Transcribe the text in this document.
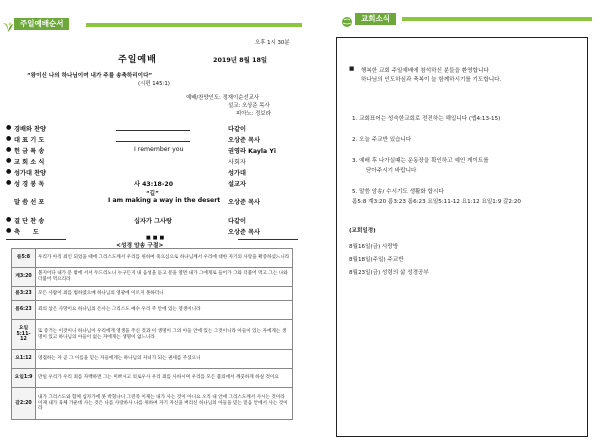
주일예배순서
교회소식
오후 1시 30분
주일예배	2019년 8월 18일
“왕이신 나의 하나님이여 내가 주를 송축하리이다”
(시편 145:1)
예배/찬양인도: 정재이순선교사
설교: 오상준 목사
피아노: 정보라
● 경배와 찬양	다같이
● 대 표 기 도	오상준 목사
● 헌 금 특 송	I remember you	권영라 Kayla Yi
● 교 회 소 식	사회자
● 성가대 찬양	성가대
● 성 경 봉 독	사 43:18-20	설교자
“길”
말 씀 선 포	I am making a way in the desert	오상준 목사
● 결 단 찬 송	십자가 그사랑	다같이
● 축      도	오상준 목사
■■■
<성경 암송 구절>
롬5:8	우리가 아직 죄인 되었을 때에 그리스도께서 우리를 위하여 죽으심으로 하나님께서 우리에 대한 자기의 사랑을 확증하셨느니라
계3:20	볼지어다 내가 문 밖에 서서 두드리노니 누구든지 내 음성을 듣고 문을 열면 내가 그에게로 들어가 그와 더불어 먹고 그는 나와 더불어 먹으리라
롬3:23	모든 사람이 죄를 범하였으매 하나님의 영광에 이르지 못하더니
롬6:23	죄의 삯은 사망이요 하나님의 은사는 그리스도 예수 우리 주 안에 있는 영생이니라
요일 5:11-12	또 증거는 이것이니 하나님이 우리에게 영생을 주신 것과 이 생명이 그의 아들 안에 있는 그것이니라 아들이 있는 자에게는 생명이 있고 하나님의 아들이 없는 자에게는 생명이 없느니라
요1:12	영접하는 자 곧 그 이름을 믿는 자들에게는 하나님의 자녀가 되는 권세를 주셨으니
요일1:9	만일 우리가 우리 죄를 자백하면 그는 미쁘시고 의로우사 우리 죄를 사하시며 우리를 모든 불의에서 깨끗하게 하실 것이요
갈2:20	내가 그리스도와 함께 십자가에 못 박혔나니 그런즉 이제는 내가 사는 것이 아니요 오직 내 안에 그리스도께서 사시는 것이라 이제 내가 육체 가운데 사는 것은 나를 사랑하사 나를 위하여 자기 자신을 버리신 하나님의 아들을 믿는 믿음 안에서 사는 것이라
■ 행복한 교회 주일예배에 참석하신 분들을 환영합니다
하나님의 인도하심과 축복이 늘 함께하시기를 기도합니다.
1. 교회표어는 성숙한교회로 전진하는 해입니다 (엡4:13-15)
2. 오늘 주교반 있습니다
3. 예배 후 나가실때는 운동장을 확인하고 예인 게이트를
닫아주시기 바랍니다
5. 말씀 암송/ 수시기도 생활화 합시다
롬5:8 계3:20 롬3:23 롬6:23 요일5:11-12 요1:12 요일1:9 갈2:20
(교회일정)
8월16일(금) 사랑방
8월18일(주일) 주교반
8월23일(금) 성령의 삶 성경공부
